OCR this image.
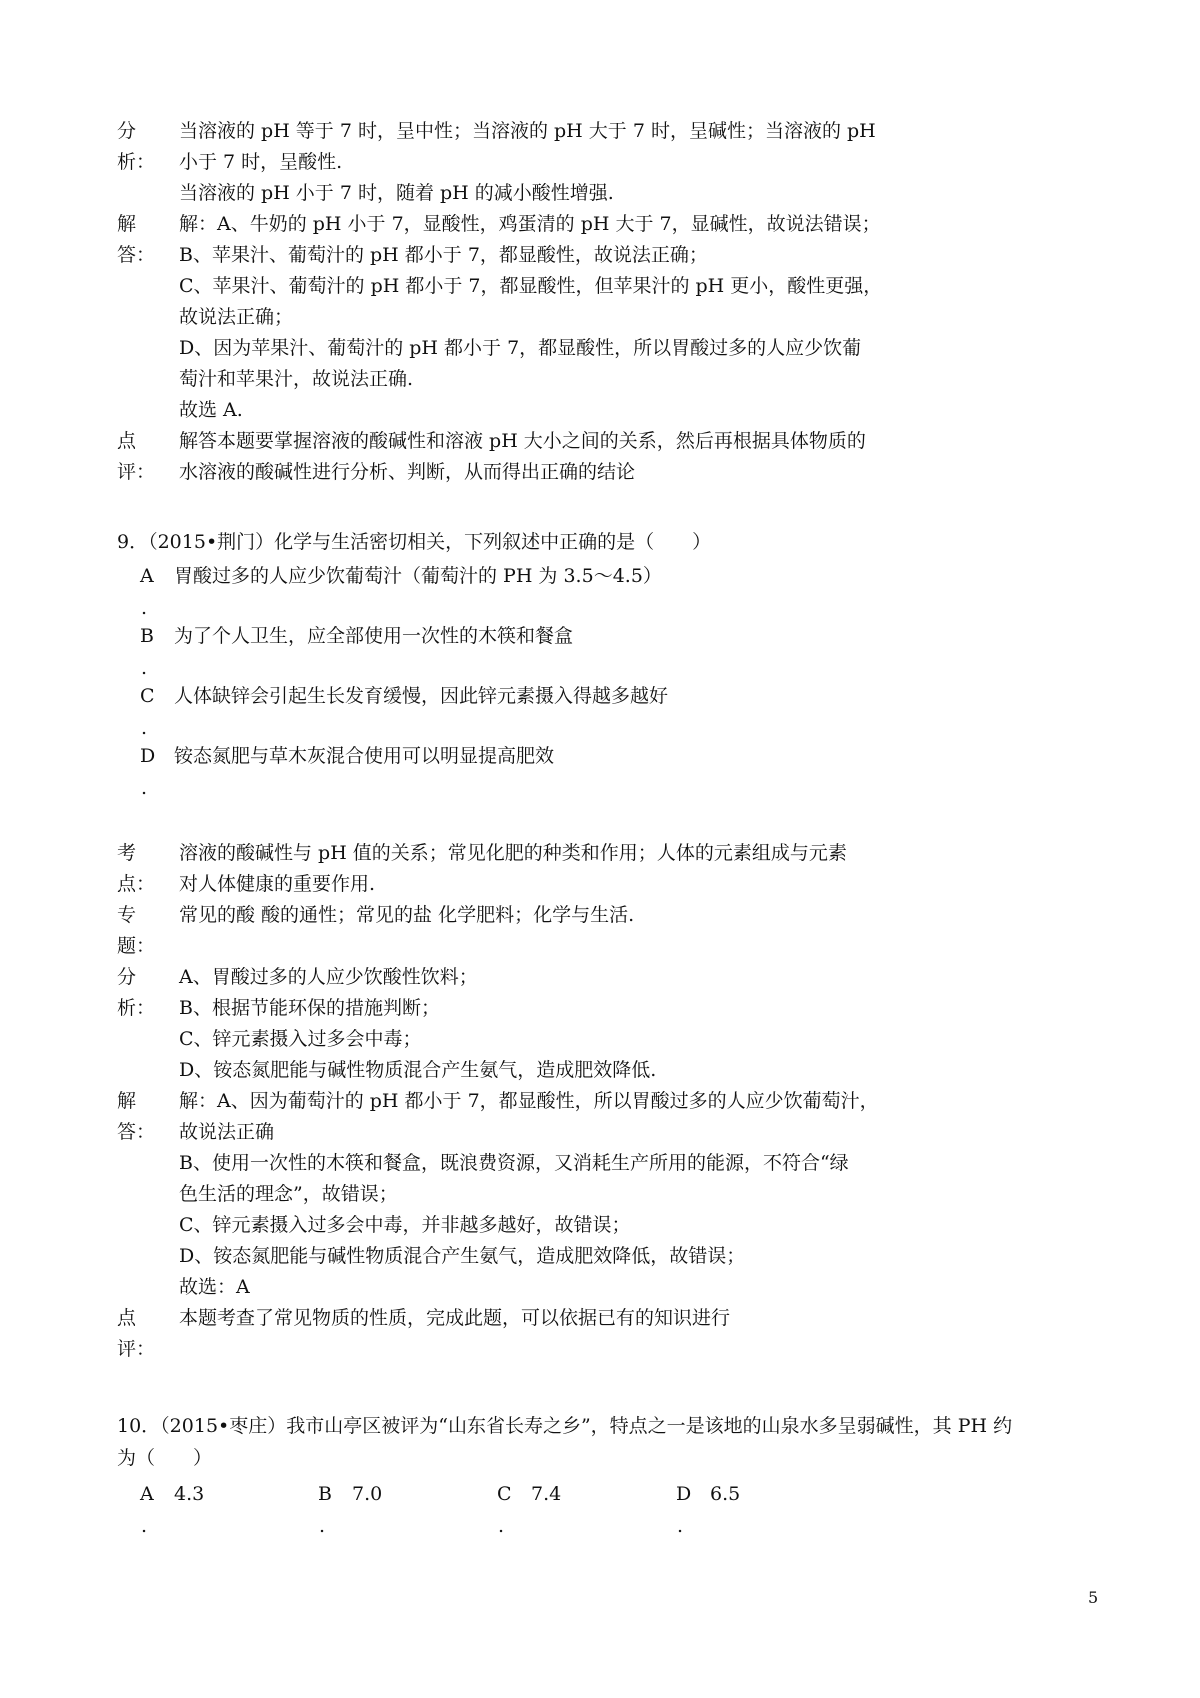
分	当溶液的 pH 等于 7 时，呈中性；当溶液的 pH 大于 7 时，呈碱性；当溶液的 pH
析：	小于 7 时，呈酸性.
当溶液的 pH 小于 7 时，随着 pH 的减小酸性增强.
解	解：A、牛奶的 pH 小于 7，显酸性，鸡蛋清的 pH 大于 7，显碱性，故说法错误；
答：	B、苹果汁、葡萄汁的 pH 都小于 7，都显酸性，故说法正确；
C、苹果汁、葡萄汁的 pH 都小于 7，都显酸性，但苹果汁的 pH 更小，酸性更强，
故说法正确；
D、因为苹果汁、葡萄汁的 pH 都小于 7，都显酸性，所以胃酸过多的人应少饮葡
萄汁和苹果汁，故说法正确.
故选 A.
点	解答本题要掌握溶液的酸碱性和溶液 pH 大小之间的关系，然后再根据具体物质的
评：	水溶液的酸碱性进行分析、判断，从而得出正确的结论
9．（2015•荆门）化学与生活密切相关，下列叙述中正确的是（　　）
A 胃酸过多的人应少饮葡萄汁（葡萄汁的 PH 为 3.5～4.5）
.
B 为了个人卫生，应全部使用一次性的木筷和餐盒
.
C 人体缺锌会引起生长发育缓慢，因此锌元素摄入得越多越好
.
D 铵态氮肥与草木灰混合使用可以明显提高肥效
.
考	溶液的酸碱性与 pH 值的关系；常见化肥的种类和作用；人体的元素组成与元素
点：	对人体健康的重要作用.
专	常见的酸 酸的通性；常见的盐 化学肥料；化学与生活.
题：
分	A、胃酸过多的人应少饮酸性饮料；
析：	B、根据节能环保的措施判断；
C、锌元素摄入过多会中毒；
D、铵态氮肥能与碱性物质混合产生氨气，造成肥效降低.
解	解：A、因为葡萄汁的 pH 都小于 7，都显酸性，所以胃酸过多的人应少饮葡萄汁，
答：	故说法正确
B、使用一次性的木筷和餐盒，既浪费资源，又消耗生产所用的能源，不符合“绿
色生活的理念”，故错误；
C、锌元素摄入过多会中毒，并非越多越好，故错误；
D、铵态氮肥能与碱性物质混合产生氨气，造成肥效降低，故错误；
故选：A
点	本题考查了常见物质的性质，完成此题，可以依据已有的知识进行
评：
10．（2015•枣庄）我市山亭区被评为“山东省长寿之乡”，特点之一是该地的山泉水多呈弱碱性，其 PH 约
为（　　）
A 4.3	B 7.0	C 7.4	D 6.5
.	.	.	.
5
